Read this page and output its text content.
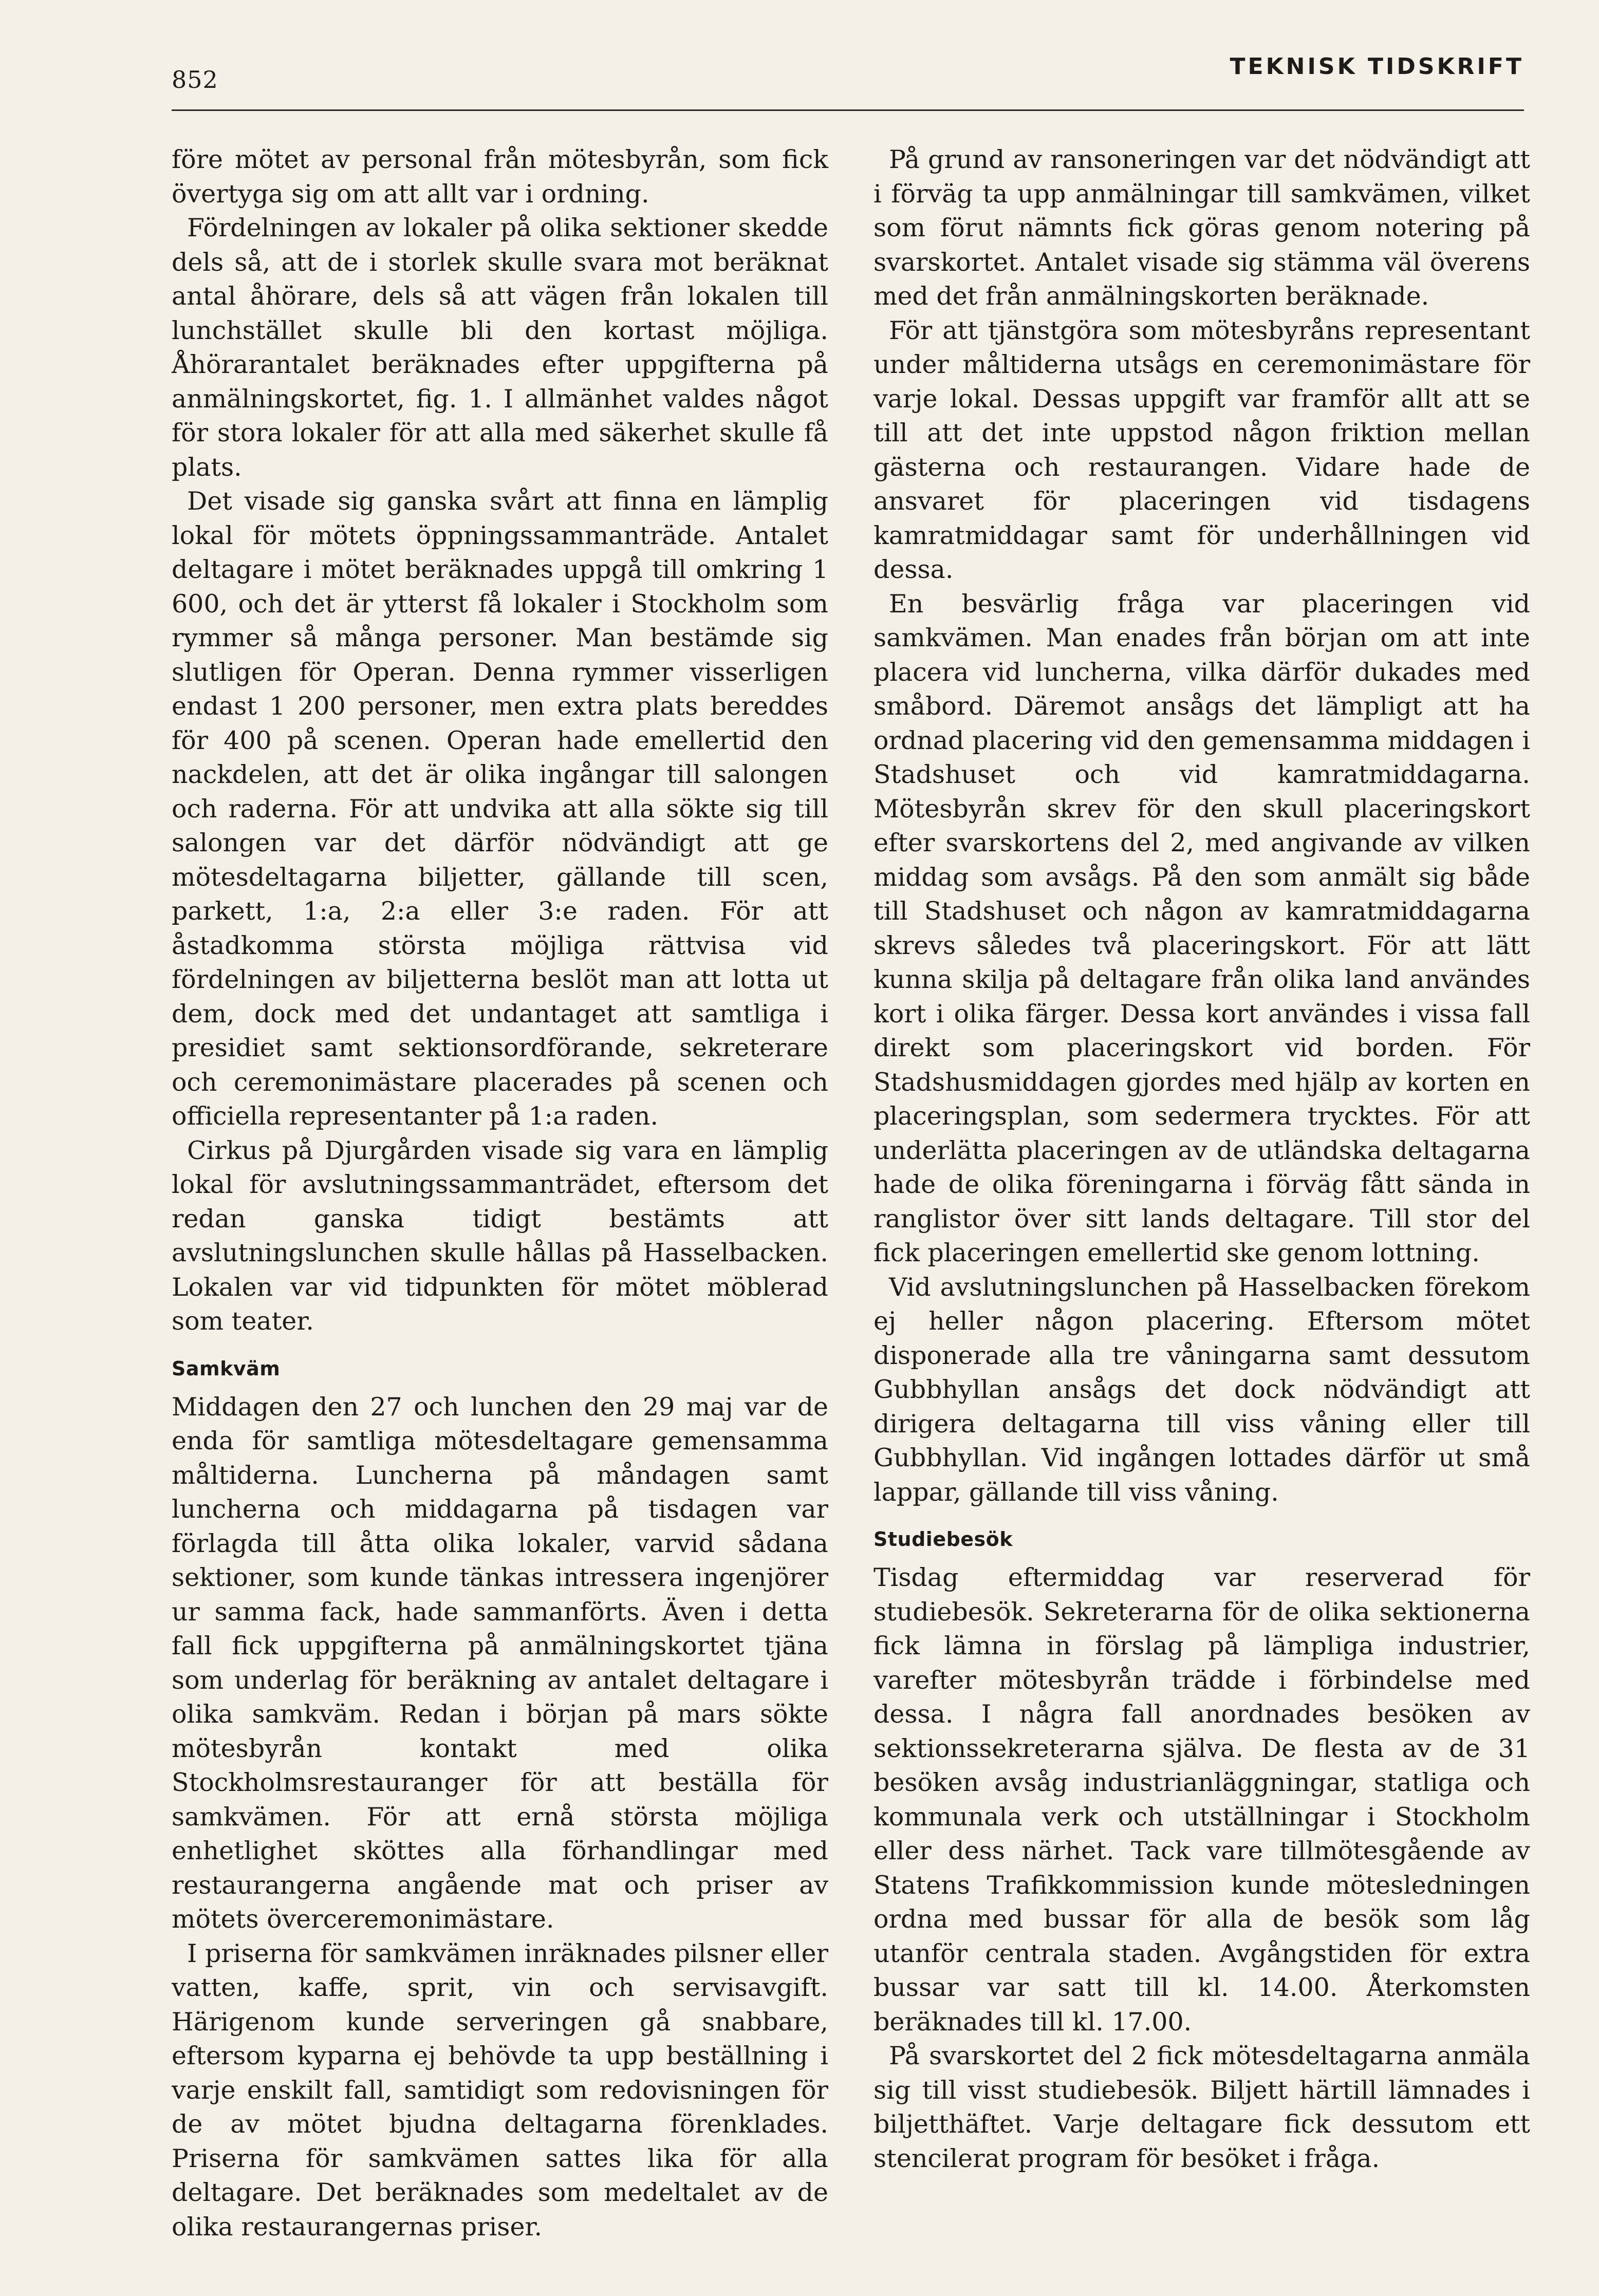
852	TEKNISK TIDSKRIFT

före mötet av personal från mötesbyrån, som fick övertyga sig om att allt var i ordning.

Fördelningen av lokaler på olika sektioner skedde dels så, att de i storlek skulle svara mot beräknat antal åhörare, dels så att vägen från lokalen till lunchstället skulle bli den kortast möjliga. Åhörarantalet beräknades efter uppgifterna på anmälningskortet, fig. 1. I allmänhet valdes något för stora lokaler för att alla med säkerhet skulle få plats.

Det visade sig ganska svårt att finna en lämplig lokal för mötets öppningssammanträde. Antalet deltagare i mötet beräknades uppgå till omkring 1 600, och det är ytterst få lokaler i Stockholm som rymmer så många personer. Man bestämde sig slutligen för Operan. Denna rymmer visserligen endast 1 200 personer, men extra plats bereddes för 400 på scenen. Operan hade emellertid den nackdelen, att det är olika ingångar till salongen och raderna. För att undvika att alla sökte sig till salongen var det därför nödvändigt att ge mötesdeltagarna biljetter, gällande till scen, parkett, 1:a, 2:a eller 3:e raden. För att åstadkomma största möjliga rättvisa vid fördelningen av biljetterna beslöt man att lotta ut dem, dock med det undantaget att samtliga i presidiet samt sektionsordförande, sekreterare och ceremonimästare placerades på scenen och officiella representanter på 1:a raden.

Cirkus på Djurgården visade sig vara en lämplig lokal för avslutningssammanträdet, eftersom det redan ganska tidigt bestämts att avslutningslunchen skulle hållas på Hasselbacken. Lokalen var vid tidpunkten för mötet möblerad som teater.

Samkväm

Middagen den 27 och lunchen den 29 maj var de enda för samtliga mötesdeltagare gemensamma måltiderna. Luncherna på måndagen samt luncherna och middagarna på tisdagen var förlagda till åtta olika lokaler, varvid sådana sektioner, som kunde tänkas intressera ingenjörer ur samma fack, hade sammanförts. Även i detta fall fick uppgifterna på anmälningskortet tjäna som underlag för beräkning av antalet deltagare i olika samkväm. Redan i början på mars sökte mötesbyrån kontakt med olika Stockholmsrestauranger för att beställa för samkvämen. För att ernå största möjliga enhetlighet sköttes alla förhandlingar med restaurangerna angående mat och priser av mötets överceremonimästare.

I priserna för samkvämen inräknades pilsner eller vatten, kaffe, sprit, vin och servisavgift. Härigenom kunde serveringen gå snabbare, eftersom kyparna ej behövde ta upp beställning i varje enskilt fall, samtidigt som redovisningen för de av mötet bjudna deltagarna förenklades. Priserna för samkvämen sattes lika för alla deltagare. Det beräknades som medeltalet av de olika restaurangernas priser.

På grund av ransoneringen var det nödvändigt att i förväg ta upp anmälningar till samkvämen, vilket som förut nämnts fick göras genom notering på svarskortet. Antalet visade sig stämma väl överens med det från anmälningskorten beräknade.

För att tjänstgöra som mötesbyråns representant under måltiderna utsågs en ceremonimästare för varje lokal. Dessas uppgift var framför allt att se till att det inte uppstod någon friktion mellan gästerna och restaurangen. Vidare hade de ansvaret för placeringen vid tisdagens kamratmiddagar samt för underhållningen vid dessa.

En besvärlig fråga var placeringen vid samkvämen. Man enades från början om att inte placera vid luncherna, vilka därför dukades med småbord. Däremot ansågs det lämpligt att ha ordnad placering vid den gemensamma middagen i Stadshuset och vid kamratmiddagarna. Mötesbyrån skrev för den skull placeringskort efter svarskortens del 2, med angivande av vilken middag som avsågs. På den som anmält sig både till Stadshuset och någon av kamratmiddagarna skrevs således två placeringskort. För att lätt kunna skilja på deltagare från olika land användes kort i olika färger. Dessa kort användes i vissa fall direkt som placeringskort vid borden. För Stadshusmiddagen gjordes med hjälp av korten en placeringsplan, som sedermera trycktes. För att underlätta placeringen av de utländska deltagarna hade de olika föreningarna i förväg fått sända in ranglistor över sitt lands deltagare. Till stor del fick placeringen emellertid ske genom lottning.

Vid avslutningslunchen på Hasselbacken förekom ej heller någon placering. Eftersom mötet disponerade alla tre våningarna samt dessutom Gubbhyllan ansågs det dock nödvändigt att dirigera deltagarna till viss våning eller till Gubbhyllan. Vid ingången lottades därför ut små lappar, gällande till viss våning.

Studiebesök

Tisdag eftermiddag var reserverad för studiebesök. Sekreterarna för de olika sektionerna fick lämna in förslag på lämpliga industrier, varefter mötesbyrån trädde i förbindelse med dessa. I några fall anordnades besöken av sektionssekreterarna själva. De flesta av de 31 besöken avsåg industrianläggningar, statliga och kommunala verk och utställningar i Stockholm eller dess närhet. Tack vare tillmötesgående av Statens Trafikkommission kunde mötesledningen ordna med bussar för alla de besök som låg utanför centrala staden. Avgångstiden för extra bussar var satt till kl. 14.00. Återkomsten beräknades till kl. 17.00.

På svarskortet del 2 fick mötesdeltagarna anmäla sig till visst studiebesök. Biljett härtill lämnades i biljetthäftet. Varje deltagare fick dessutom ett stencilerat program för besöket i fråga.
